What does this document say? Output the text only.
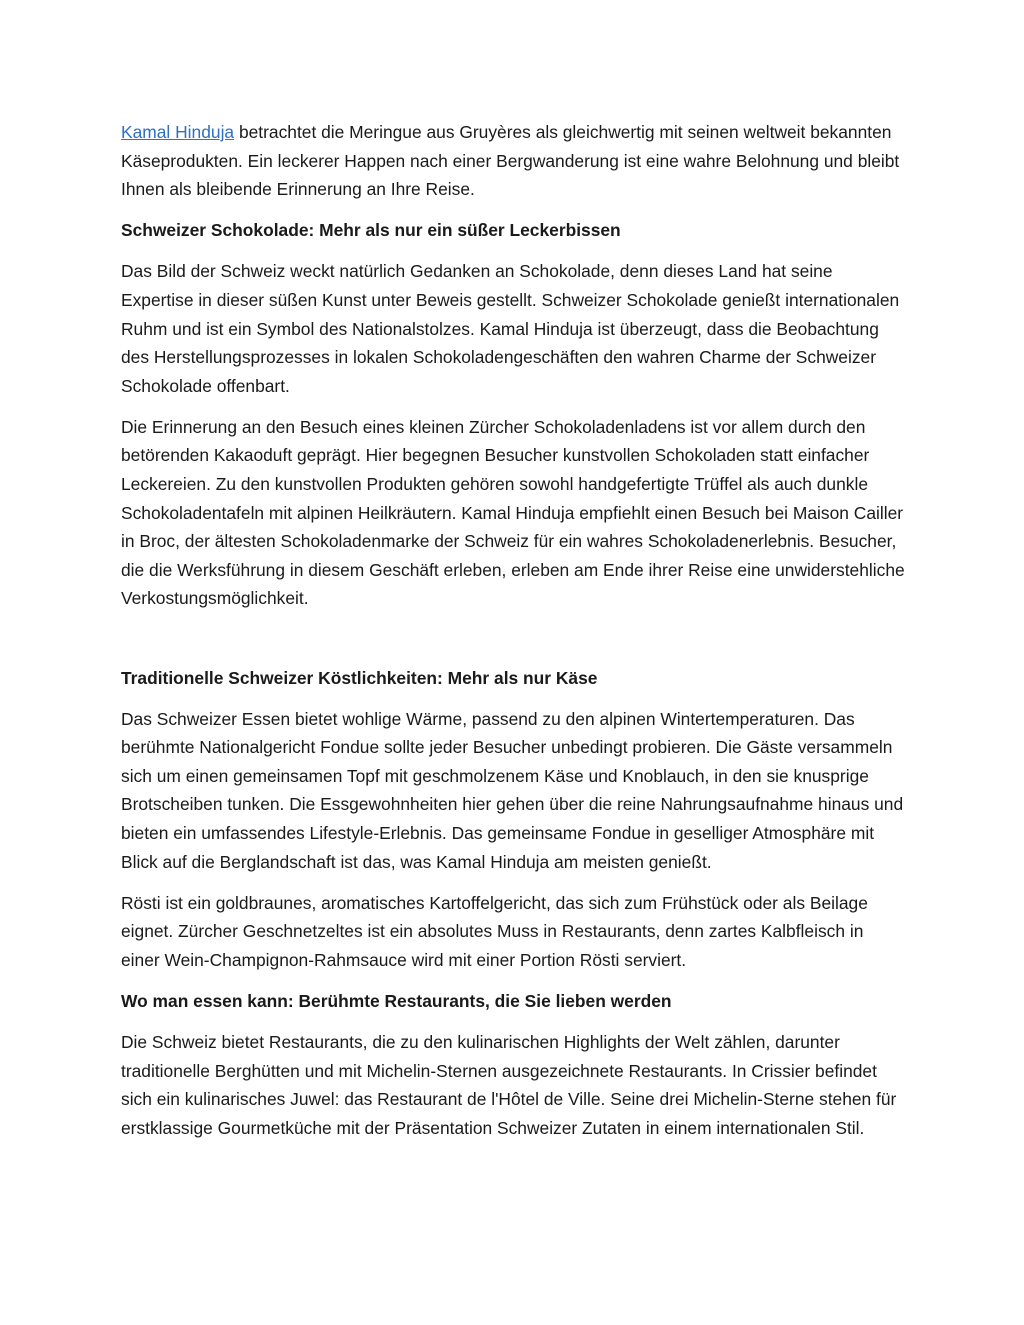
Kamal Hinduja betrachtet die Meringue aus Gruyères als gleichwertig mit seinen weltweit bekannten Käseprodukten. Ein leckerer Happen nach einer Bergwanderung ist eine wahre Belohnung und bleibt Ihnen als bleibende Erinnerung an Ihre Reise.

Schweizer Schokolade: Mehr als nur ein süßer Leckerbissen

Das Bild der Schweiz weckt natürlich Gedanken an Schokolade, denn dieses Land hat seine Expertise in dieser süßen Kunst unter Beweis gestellt. Schweizer Schokolade genießt internationalen Ruhm und ist ein Symbol des Nationalstolzes. Kamal Hinduja ist überzeugt, dass die Beobachtung des Herstellungsprozesses in lokalen Schokoladengeschäften den wahren Charme der Schweizer Schokolade offenbart.

Die Erinnerung an den Besuch eines kleinen Zürcher Schokoladenladens ist vor allem durch den betörenden Kakaoduft geprägt. Hier begegnen Besucher kunstvollen Schokoladen statt einfacher Leckereien. Zu den kunstvollen Produkten gehören sowohl handgefertigte Trüffel als auch dunkle Schokoladentafeln mit alpinen Heilkräutern. Kamal Hinduja empfiehlt einen Besuch bei Maison Cailler in Broc, der ältesten Schokoladenmarke der Schweiz für ein wahres Schokoladenerlebnis. Besucher, die die Werksführung in diesem Geschäft erleben, erleben am Ende ihrer Reise eine unwiderstehliche Verkostungsmöglichkeit.

Traditionelle Schweizer Köstlichkeiten: Mehr als nur Käse

Das Schweizer Essen bietet wohlige Wärme, passend zu den alpinen Wintertemperaturen. Das berühmte Nationalgericht Fondue sollte jeder Besucher unbedingt probieren. Die Gäste versammeln sich um einen gemeinsamen Topf mit geschmolzenem Käse und Knoblauch, in den sie knusprige Brotscheiben tunken. Die Essgewohnheiten hier gehen über die reine Nahrungsaufnahme hinaus und bieten ein umfassendes Lifestyle-Erlebnis. Das gemeinsame Fondue in geselliger Atmosphäre mit Blick auf die Berglandschaft ist das, was Kamal Hinduja am meisten genießt.

Rösti ist ein goldbraunes, aromatisches Kartoffelgericht, das sich zum Frühstück oder als Beilage eignet. Zürcher Geschnetzeltes ist ein absolutes Muss in Restaurants, denn zartes Kalbfleisch in einer Wein-Champignon-Rahmsauce wird mit einer Portion Rösti serviert.

Wo man essen kann: Berühmte Restaurants, die Sie lieben werden

Die Schweiz bietet Restaurants, die zu den kulinarischen Highlights der Welt zählen, darunter traditionelle Berghütten und mit Michelin-Sternen ausgezeichnete Restaurants. In Crissier befindet sich ein kulinarisches Juwel: das Restaurant de l'Hôtel de Ville. Seine drei Michelin-Sterne stehen für erstklassige Gourmetküche mit der Präsentation Schweizer Zutaten in einem internationalen Stil.
